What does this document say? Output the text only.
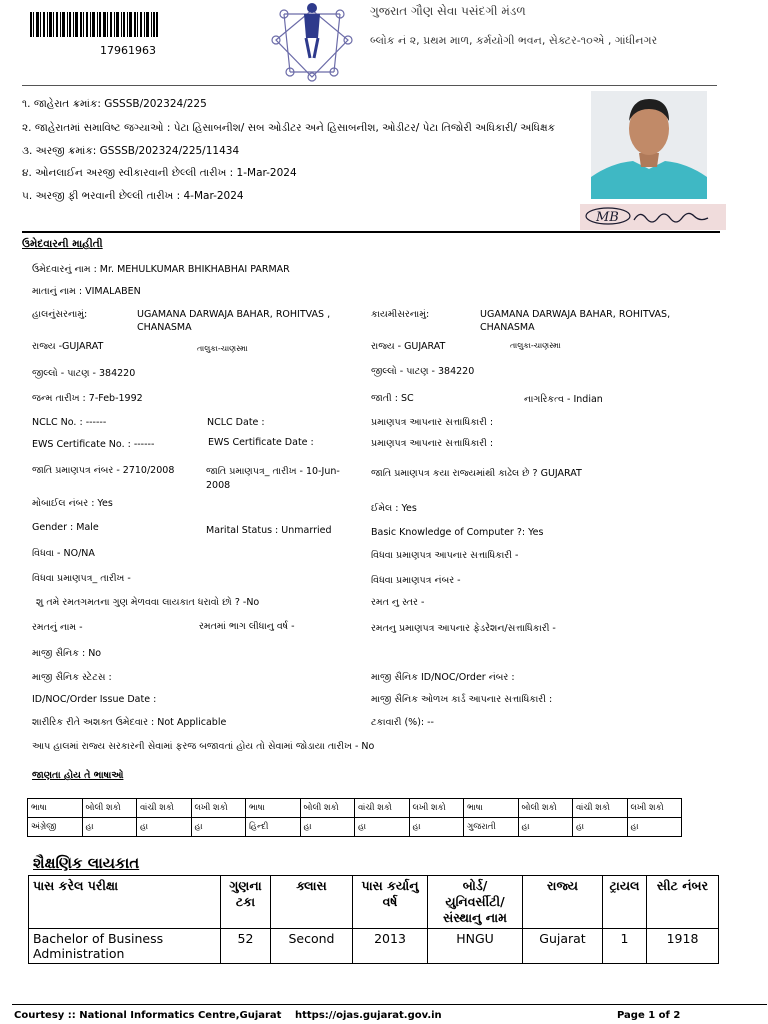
17961963
ગુજરાત ગૌણ સેવા પસંદગી મંડળ
બ્લોક નં ૨, પ્રથમ માળ, કર્મયોગી ભવન, સેક્ટર-૧૦એ , ગાંધીનગર
૧. જાહેરાત ક્રમાંક: GSSSB/202324/225
૨. જાહેરાતમાં સમાવિષ્ટ જગ્યાઓ : પેટા હિસાબનીશ/ સબ ઓડીટર અને હિસાબનીશ, ઓડીટર/ પેટા તિજોરી અધિકારી/ અધિક્ષક
૩. અરજી ક્રમાંક: GSSSB/202324/225/11434
૪. ઓનલાઈન અરજી સ્વીકારવાની છેલ્લી તારીખ : 1-Mar-2024
૫. અરજી ફી ભરવાની છેલ્લી તારીખ : 4-Mar-2024
MB
ઉમેદવારની માહીતી
ઉમેદવારનું નામ : Mr. MEHULKUMAR BHIKHABHAI PARMAR
માતાનું નામ : VIMALABEN
હાલનુંસરનામું:	UGAMANA DARWAJA BAHAR, ROHITVAS , CHANASMA
કાયમીસરનામું:	UGAMANA DARWAJA BAHAR, ROHITVAS, CHANASMA
રાજ્ય -GUJARAT	તાલુકા-ચાણસ્મા	રાજ્ય - GUJARAT	તાલુકા-ચાણસ્મા
જીલ્લો - પાટણ - 384220	જીલ્લો - પાટણ - 384220
જન્મ તારીખ : 7-Feb-1992	જાતી : SC	નાગરિકત્વ - Indian
NCLC No. : ------	NCLC Date :	પ્રમાણપત્ર આપનાર સત્તાધિકારી :
EWS Certificate No. : ------	EWS Certificate Date :	પ્રમાણપત્ર આપનાર સત્તાધિકારી :
જાતિ પ્રમાણપત્ર નંબર - 2710/2008	જાતિ પ્રમાણપત્ર_ તારીખ - 10-Jun-2008
જાતિ પ્રમાણપત્ર કયા રાજ્યમાંથી કાઢેલ છે ? GUJARAT
મોબાઈલ નંબર : Yes	ઈમેલ : Yes
Gender : Male	Marital Status : Unmarried	Basic Knowledge of Computer ?: Yes
વિધવા - NO/NA	વિધવા પ્રમાણપત્ર આપનાર સત્તાધિકારી -
વિધવા પ્રમાણપત્ર_ તારીખ -	વિધવા પ્રમાણપત્ર નંબર -
શુ તમે રમતગમતના ગુણ મેળવવા લાયકાત ધરાવો છો ? -No	રમત નુ સ્તર -
રમતનું નામ -	રમતમાં ભાગ લીધાનુ વર્ષ -	રમતનુ પ્રમાણપત્ર આપનાર ફેડરેશન/સત્તાધિકારી -
માજી સૈનિક : No
માજી સૈનિક સ્ટેટસ :	માજી સૈનિક ID/NOC/Order નંબર :
ID/NOC/Order Issue Date :	માજી સૈનિક ઓળખ કાર્ડ આપનાર સત્તાધિકારી :
શારીરિક રીતે અશક્ત ઉમેદવાર : Not Applicable	ટકાવારી (%): --
આપ હાલમાં રાજ્ય સરકારની સેવામાં ફરજ બજાવતાં હોય તો સેવામાં જોડાયા તારીખ - No
જાણતા હોય તે ભાષાઓ
ભાષા	બોલી શકો	વાંચી શકો	લખી શકો	ભાષા	બોલી શકો	વાંચી શકો	લખી શકો	ભાષા	બોલી શકો	વાંચી શકો	લખી શકો
અંગ્રેજી	હા	હા	હા	હિન્દી	હા	હા	હા	ગુજરાતી	હા	હા	હા
શૈક્ષણિક લાયકાત
પાસ કરેલ પરીક્ષા	ગુણના ટકા	ક્લાસ	પાસ કર્યાનુ વર્ષ	બોર્ડ/ યુનિવર્સીટી/ સંસ્થાનુ નામ	રાજ્ય	ટ્રાયલ	સીટ નંબર
Bachelor of Business Administration	52	Second	2013	HNGU	Gujarat	1	1918
Courtesy :: National Informatics Centre,Gujarat https://ojas.gujarat.gov.in	Page 1 of 2
